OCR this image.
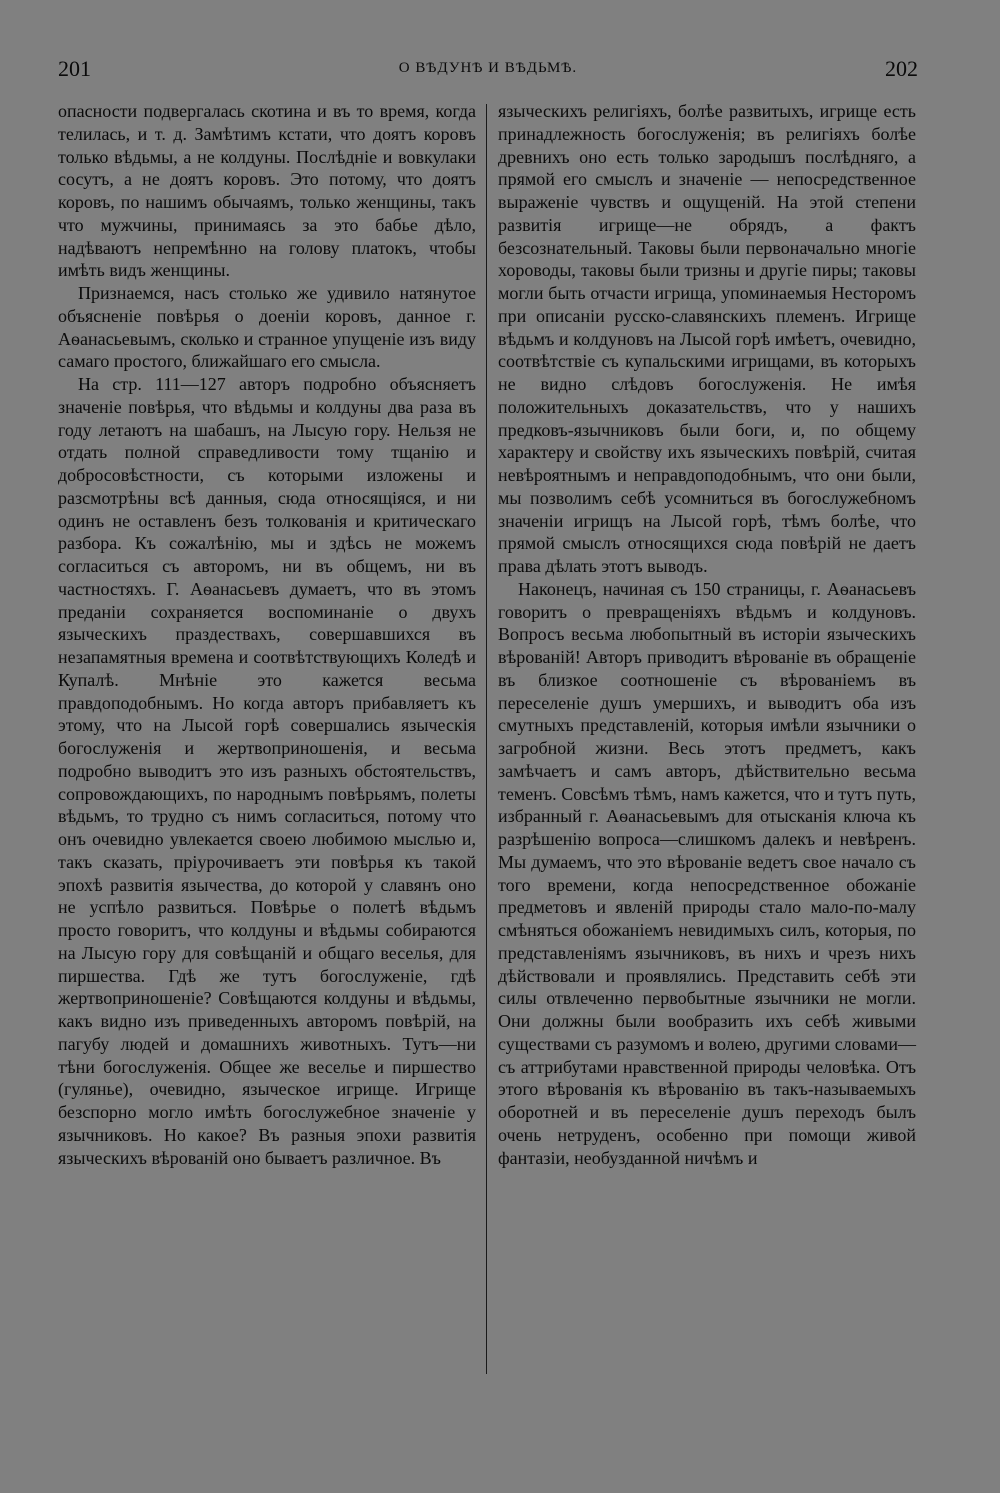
201	О ВѢДУНѢ И ВѢДЬМѢ.	202

опасности подвергалась скотина и въ то время, когда телилась, и т. д. Замѣтимъ кстати, что доятъ коровъ только вѣдьмы, а не колдуны. Послѣдніе и вовкулаки сосутъ, а не доятъ коровъ. Это потому, что доятъ коровъ, по нашимъ обычаямъ, только женщины, такъ что мужчины, принимаясь за это бабье дѣло, надѣваютъ непремѣнно на голову платокъ, чтобы имѣть видъ женщины.

Признаемся, насъ столько же удивило натянутое объясненіе повѣрья о доеніи коровъ, данное г. Аѳанасьевымъ, сколько и странное упущеніе изъ виду самаго простого, ближайшаго его смысла.

На стр. 111—127 авторъ подробно объясняетъ значеніе повѣрья, что вѣдьмы и колдуны два раза въ году летаютъ на шабашъ, на Лысую гору. Нельзя не отдать полной справедливости тому тщанію и добросовѣстности, съ которыми изложены и разсмотрѣны всѣ данныя, сюда относящіяся, и ни одинъ не оставленъ безъ толкованія и критическаго разбора. Къ сожалѣнію, мы и здѣсь не можемъ согласиться съ авторомъ, ни въ общемъ, ни въ частностяхъ. Г. Аѳанасьевъ думаетъ, что въ этомъ преданіи сохраняется воспоминаніе о двухъ языческихъ праздествахъ, совершавшихся въ незапамятныя времена и соотвѣтствующихъ Коледѣ и Купалѣ. Мнѣніе это кажется весьма правдоподобнымъ. Но когда авторъ прибавляетъ къ этому, что на Лысой горѣ совершались языческія богослуженія и жертвоприношенія, и весьма подробно выводитъ это изъ разныхъ обстоятельствъ, сопровождающихъ, по народнымъ повѣрьямъ, полеты вѣдьмъ, то трудно съ нимъ согласиться, потому что онъ очевидно увлекается своею любимою мыслью и, такъ сказать, пріурочиваетъ эти повѣрья къ такой эпохѣ развитія язычества, до которой у славянъ оно не успѣло развиться. Повѣрье о полетѣ вѣдьмъ просто говоритъ, что колдуны и вѣдьмы собираются на Лысую гору для совѣщаній и общаго веселья, для пиршества. Гдѣ же тутъ богослуженіе, гдѣ жертвоприношеніе? Совѣщаются колдуны и вѣдьмы, какъ видно изъ приведенныхъ авторомъ повѣрій, на пагубу людей и домашнихъ животныхъ. Тутъ—ни тѣни богослуженія. Общее же веселье и пиршество (гулянье), очевидно, языческое игрище. Игрище безспорно могло имѣть богослужебное значеніе у язычниковъ. Но какое? Въ разныя эпохи развитія языческихъ вѣрованій оно бываетъ различное. Въ

языческихъ религіяхъ, болѣе развитыхъ, игрище есть принадлежность богослуженія; въ религіяхъ болѣе древнихъ оно есть только зародышъ послѣдняго, а прямой его смыслъ и значеніе — непосредственное выраженіе чувствъ и ощущеній. На этой степени развитія игрище—не обрядъ, а фактъ безсознательный. Таковы были первоначально многіе хороводы, таковы были тризны и другіе пиры; таковы могли быть отчасти игрища, упоминаемыя Несторомъ при описаніи русско-славянскихъ племенъ. Игрище вѣдьмъ и колдуновъ на Лысой горѣ имѣетъ, очевидно, соотвѣтствіе съ купальскими игрищами, въ которыхъ не видно слѣдовъ богослуженія. Не имѣя положительныхъ доказательствъ, что у нашихъ предковъ-язычниковъ были боги, и, по общему характеру и свойству ихъ языческихъ повѣрій, считая невѣроятнымъ и неправдоподобнымъ, что они были, мы позволимъ себѣ усомниться въ богослужебномъ значеніи игрищъ на Лысой горѣ, тѣмъ болѣе, что прямой смыслъ относящихся сюда повѣрій не даетъ права дѣлать этотъ выводъ.

Наконецъ, начиная съ 150 страницы, г. Аѳанасьевъ говоритъ о превращеніяхъ вѣдьмъ и колдуновъ. Вопросъ весьма любопытный въ исторіи языческихъ вѣрованій! Авторъ приводитъ вѣрованіе въ обращеніе въ близкое соотношеніе съ вѣрованіемъ въ переселеніе душъ умершихъ, и выводитъ оба изъ смутныхъ представленій, которыя имѣли язычники о загробной жизни. Весь этотъ предметъ, какъ замѣчаетъ и самъ авторъ, дѣйствительно весьма теменъ. Совсѣмъ тѣмъ, намъ кажется, что и тутъ путь, избранный г. Аѳанасьевымъ для отысканія ключа къ разрѣшенію вопроса—слишкомъ далекъ и невѣренъ. Мы думаемъ, что это вѣрованіе ведетъ свое начало съ того времени, когда непосредственное обожаніе предметовъ и явленій природы стало мало-по-малу смѣняться обожаніемъ невидимыхъ силъ, которыя, по представленіямъ язычниковъ, въ нихъ и чрезъ нихъ дѣйствовали и проявлялись. Представить себѣ эти силы отвлеченно первобытные язычники не могли. Они должны были вообразить ихъ себѣ живыми существами съ разумомъ и волею, другими словами—съ аттрибутами нравственной природы человѣка. Отъ этого вѣрованія къ вѣрованію въ такъ-называемыхъ оборотней и въ переселеніе душъ переходъ былъ очень нетруденъ, особенно при помощи живой фантазіи, необузданной ничѣмъ и
